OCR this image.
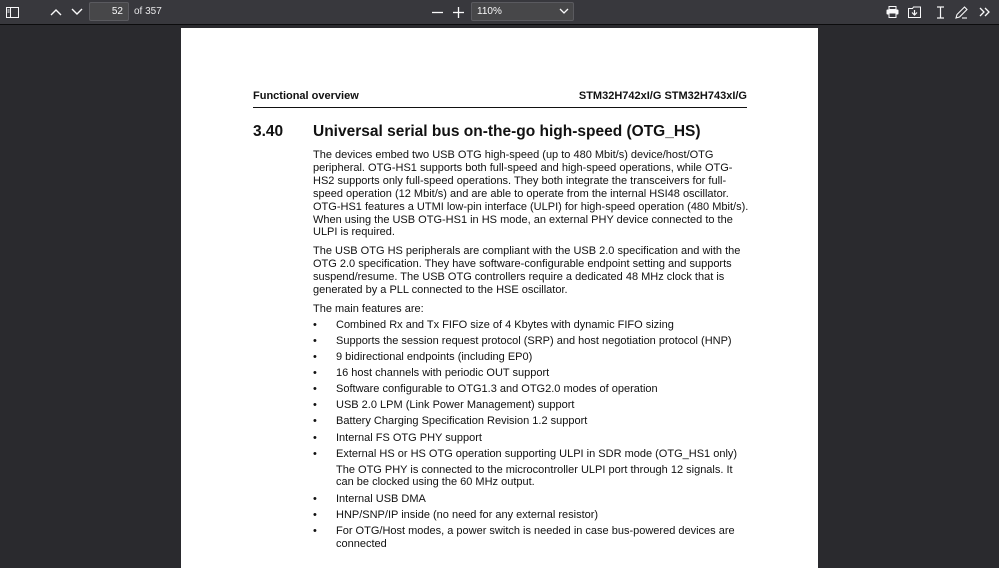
52	of 357	110%
Functional overview	STM32H742xI/G STM32H743xI/G
3.40 Universal serial bus on-the-go high-speed (OTG_HS)

The devices embed two USB OTG high-speed (up to 480 Mbit/s) device/host/OTG peripheral. OTG-HS1 supports both full-speed and high-speed operations, while OTG-HS2 supports only full-speed operations. They both integrate the transceivers for full-speed operation (12 Mbit/s) and are able to operate from the internal HSI48 oscillator. OTG-HS1 features a UTMI low-pin interface (ULPI) for high-speed operation (480 Mbit/s). When using the USB OTG-HS1 in HS mode, an external PHY device connected to the ULPI is required.

The USB OTG HS peripherals are compliant with the USB 2.0 specification and with the OTG 2.0 specification. They have software-configurable endpoint setting and supports suspend/resume. The USB OTG controllers require a dedicated 48 MHz clock that is generated by a PLL connected to the HSE oscillator.

The main features are:

• Combined Rx and Tx FIFO size of 4 Kbytes with dynamic FIFO sizing
• Supports the session request protocol (SRP) and host negotiation protocol (HNP)
• 9 bidirectional endpoints (including EP0)
• 16 host channels with periodic OUT support
• Software configurable to OTG1.3 and OTG2.0 modes of operation
• USB 2.0 LPM (Link Power Management) support
• Battery Charging Specification Revision 1.2 support
• Internal FS OTG PHY support
• External HS or HS OTG operation supporting ULPI in SDR mode (OTG_HS1 only)
The OTG PHY is connected to the microcontroller ULPI port through 12 signals. It can be clocked using the 60 MHz output.
• Internal USB DMA
• HNP/SNP/IP inside (no need for any external resistor)
• For OTG/Host modes, a power switch is needed in case bus-powered devices are connected
